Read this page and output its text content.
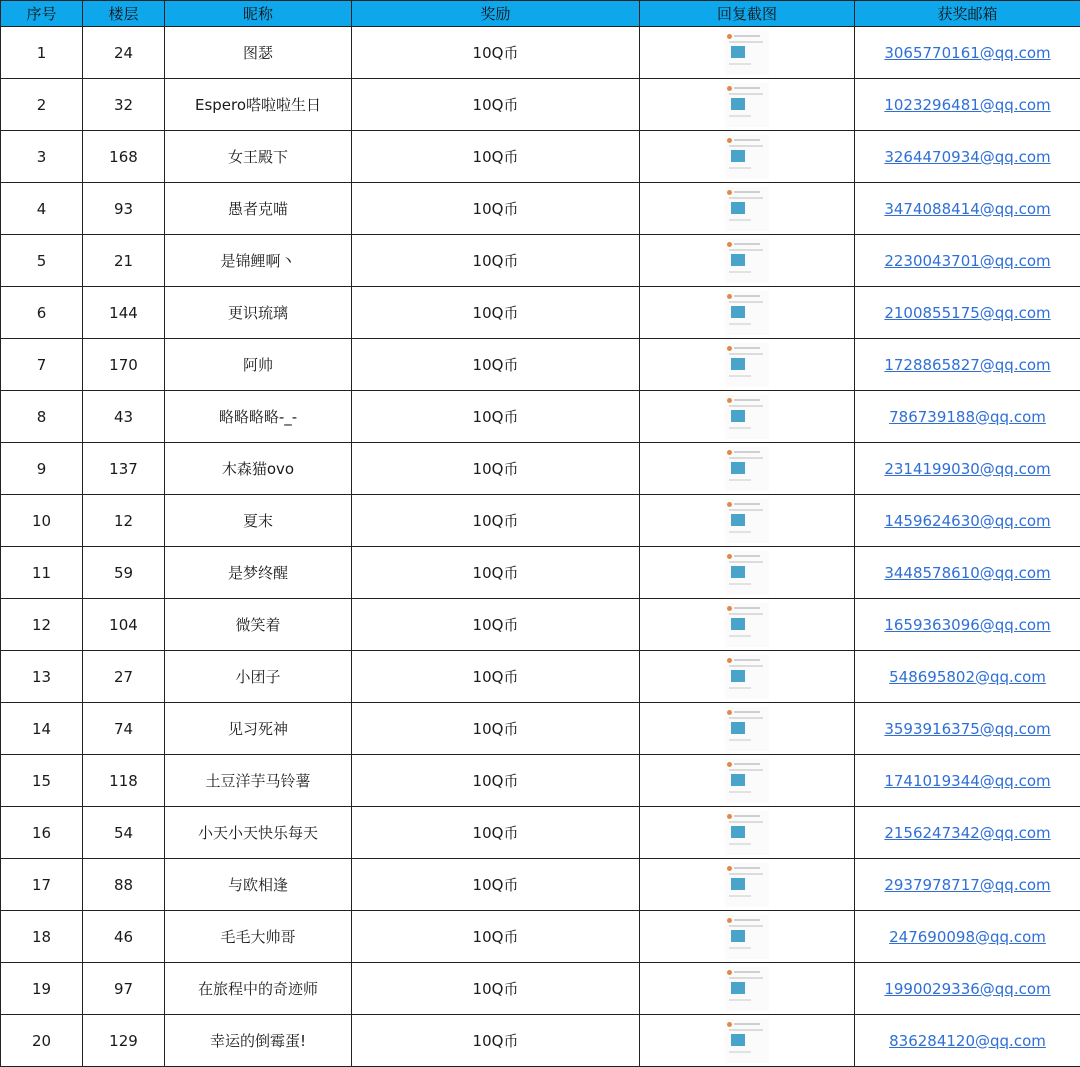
序号	楼层	昵称	奖励	回复截图	获奖邮箱
1	24	图瑟	10Q币		3065770161@qq.com
2	32	Espero嗒啦啦生日	10Q币		1023296481@qq.com
3	168	女王殿下	10Q币		3264470934@qq.com
4	93	愚者克喵	10Q币		3474088414@qq.com
5	21	是锦鲤啊丶	10Q币		2230043701@qq.com
6	144	更识琉璃	10Q币		2100855175@qq.com
7	170	阿帅	10Q币		1728865827@qq.com
8	43	略略略略-_-	10Q币		786739188@qq.com
9	137	木森猫ovo	10Q币		2314199030@qq.com
10	12	夏末	10Q币		1459624630@qq.com
11	59	是梦终醒	10Q币		3448578610@qq.com
12	104	微笑着	10Q币		1659363096@qq.com
13	27	小团子	10Q币		548695802@qq.com
14	74	见习死神	10Q币		3593916375@qq.com
15	118	土豆洋芋马铃薯	10Q币		1741019344@qq.com
16	54	小天小天快乐每天	10Q币		2156247342@qq.com
17	88	与欧相逢	10Q币		2937978717@qq.com
18	46	毛毛大帅哥	10Q币		247690098@qq.com
19	97	在旅程中的奇迹师	10Q币		1990029336@qq.com
20	129	幸运的倒霉蛋!	10Q币		836284120@qq.com
